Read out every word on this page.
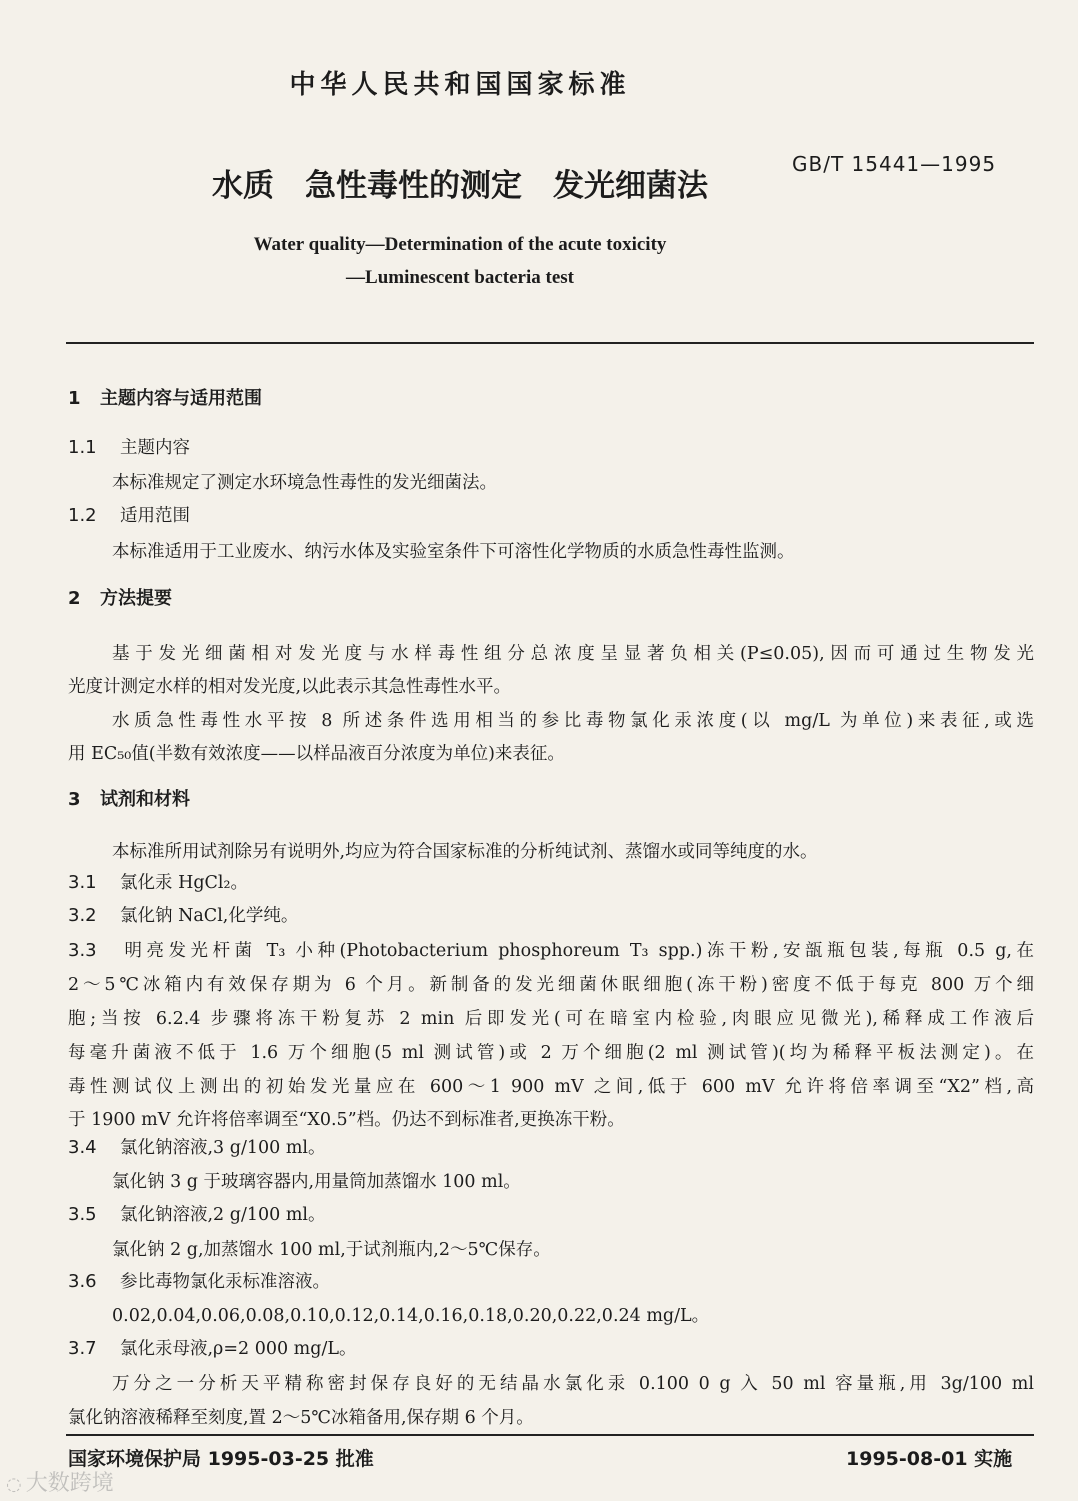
中华人民共和国国家标准
GB/T 15441—1995
水质　急性毒性的测定　发光细菌法
Water quality—Determination of the acute toxicity
—Luminescent bacteria test
1 主题内容与适用范围
1.1 主题内容
本标准规定了测定水环境急性毒性的发光细菌法。
1.2 适用范围
本标准适用于工业废水、纳污水体及实验室条件下可溶性化学物质的水质急性毒性监测。
2 方法提要
基于发光细菌相对发光度与水样毒性组分总浓度呈显著负相关(P≤0.05),因而可通过生物发光
光度计测定水样的相对发光度,以此表示其急性毒性水平。
水质急性毒性水平按 8 所述条件选用相当的参比毒物氯化汞浓度(以 mg/L 为单位)来表征,或选
用 EC₅₀值(半数有效浓度——以样品液百分浓度为单位)来表征。
3 试剂和材料
本标准所用试剂除另有说明外,均应为符合国家标准的分析纯试剂、蒸馏水或同等纯度的水。
3.1 氯化汞 HgCl₂。
3.2 氯化钠 NaCl,化学纯。
3.3 明亮发光杆菌 T₃ 小种(Photobacterium phosphoreum T₃ spp.)冻干粉,安瓿瓶包装,每瓶 0.5 g,在
2～5℃冰箱内有效保存期为 6 个月。新制备的发光细菌休眠细胞(冻干粉)密度不低于每克 800 万个细
胞;当按 6.2.4 步骤将冻干粉复苏 2 min 后即发光(可在暗室内检验,肉眼应见微光),稀释成工作液后
每毫升菌液不低于 1.6 万个细胞(5 ml 测试管)或 2 万个细胞(2 ml 测试管)(均为稀释平板法测定)。在
毒性测试仪上测出的初始发光量应在 600～1 900 mV 之间,低于 600 mV 允许将倍率调至“X2”档,高
于 1900 mV 允许将倍率调至“X0.5”档。仍达不到标准者,更换冻干粉。
3.4 氯化钠溶液,3 g/100 ml。
氯化钠 3 g 于玻璃容器内,用量筒加蒸馏水 100 ml。
3.5 氯化钠溶液,2 g/100 ml。
氯化钠 2 g,加蒸馏水 100 ml,于试剂瓶内,2～5℃保存。
3.6 参比毒物氯化汞标准溶液。
0.02,0.04,0.06,0.08,0.10,0.12,0.14,0.16,0.18,0.20,0.22,0.24 mg/L。
3.7 氯化汞母液,ρ=2 000 mg/L。
万分之一分析天平精称密封保存良好的无结晶水氯化汞 0.100 0 g 入 50 ml 容量瓶,用 3g/100 ml
氯化钠溶液稀释至刻度,置 2～5℃冰箱备用,保存期 6 个月。
国家环境保护局 1995-03-25 批准	1995-08-01 实施
◌ 大数跨境
